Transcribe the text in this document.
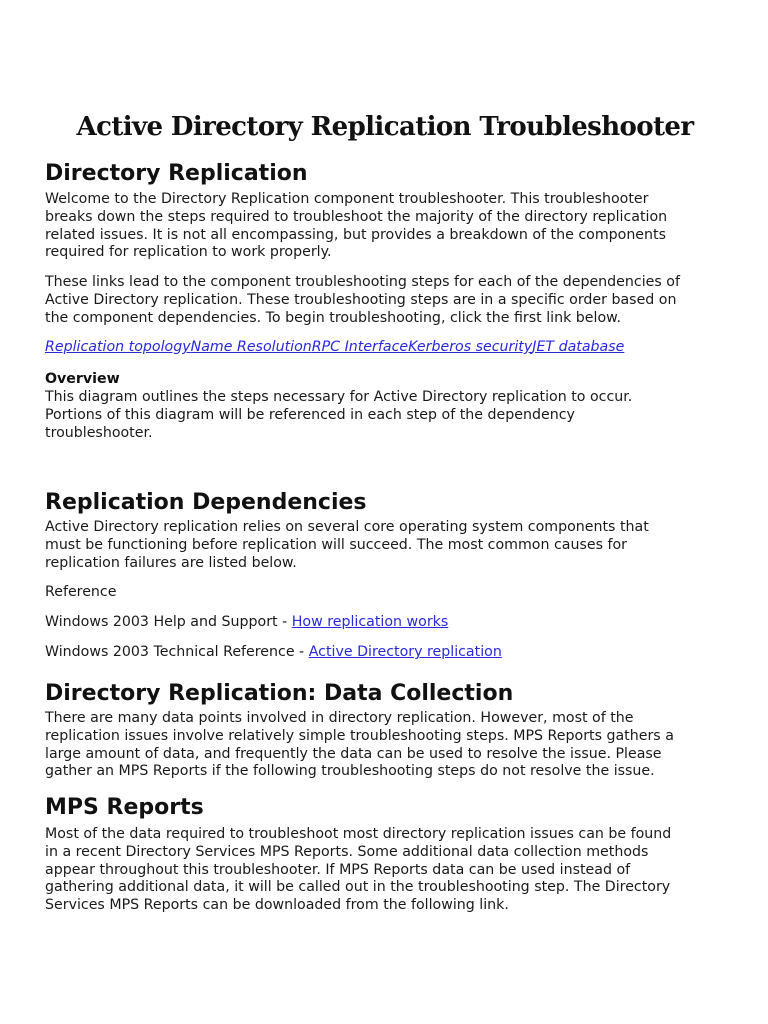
Active Directory Replication Troubleshooter
Directory Replication

Welcome to the Directory Replication component troubleshooter. This troubleshooter
breaks down the steps required to troubleshoot the majority of the directory replication
related issues. It is not all encompassing, but provides a breakdown of the components
required for replication to work properly.

These links lead to the component troubleshooting steps for each of the dependencies of
Active Directory replication. These troubleshooting steps are in a specific order based on
the component dependencies. To begin troubleshooting, click the first link below.

Replication topologyName ResolutionRPC InterfaceKerberos securityJET database

Overview

This diagram outlines the steps necessary for Active Directory replication to occur.
Portions of this diagram will be referenced in each step of the dependency
troubleshooter.

Replication Dependencies

Active Directory replication relies on several core operating system components that
must be functioning before replication will succeed. The most common causes for
replication failures are listed below.

Reference

Windows 2003 Help and Support - How replication works

Windows 2003 Technical Reference - Active Directory replication

Directory Replication: Data Collection

There are many data points involved in directory replication. However, most of the
replication issues involve relatively simple troubleshooting steps. MPS Reports gathers a
large amount of data, and frequently the data can be used to resolve the issue. Please
gather an MPS Reports if the following troubleshooting steps do not resolve the issue.

MPS Reports

Most of the data required to troubleshoot most directory replication issues can be found
in a recent Directory Services MPS Reports. Some additional data collection methods
appear throughout this troubleshooter. If MPS Reports data can be used instead of
gathering additional data, it will be called out in the troubleshooting step. The Directory
Services MPS Reports can be downloaded from the following link.
